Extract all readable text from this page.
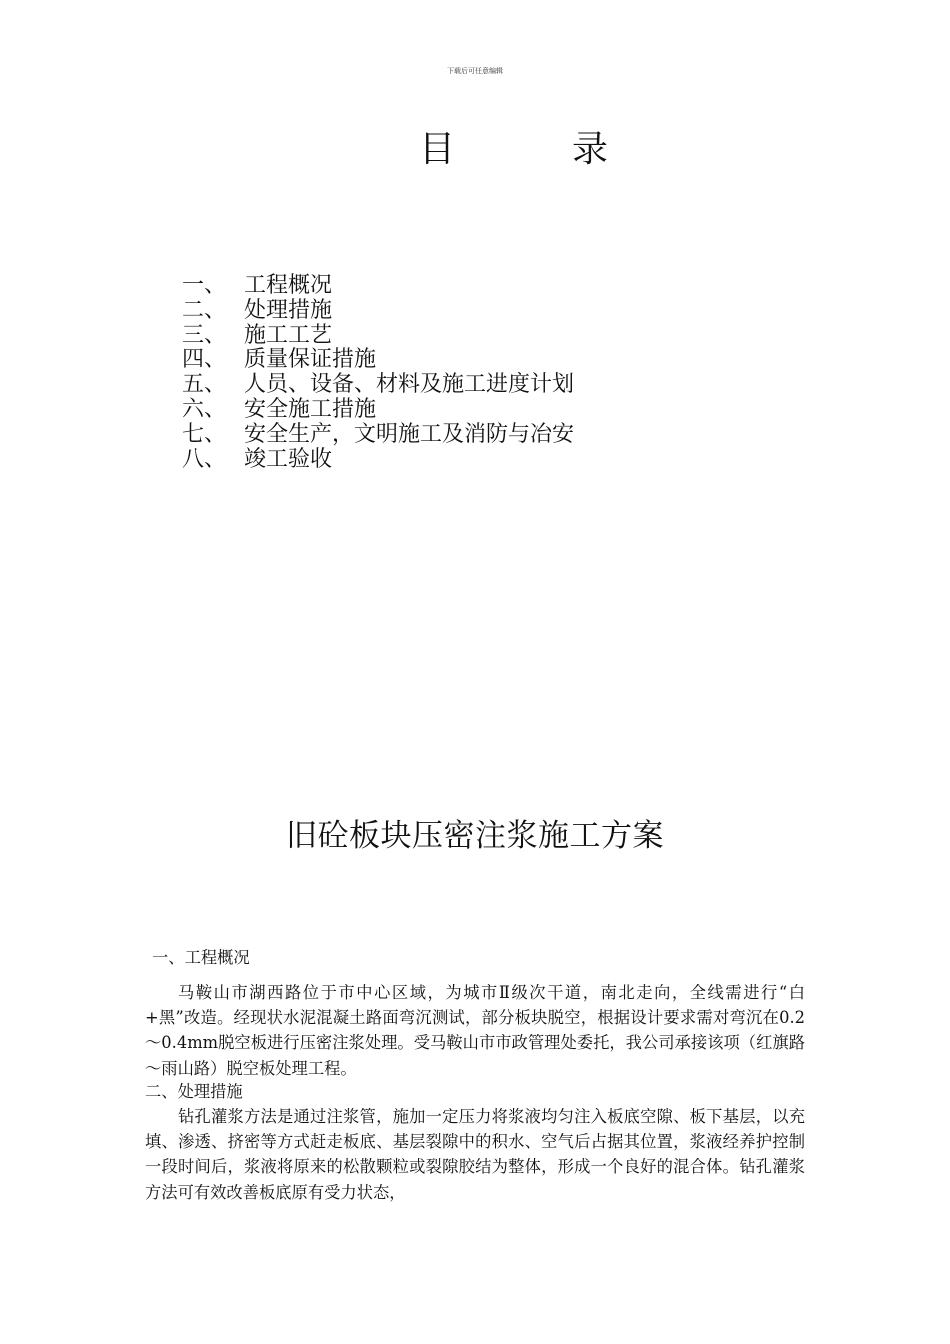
下载后可任意编辑
目	录
一、 工程概况
二、 处理措施
三、 施工工艺
四、 质量保证措施
五、 人员、设备、材料及施工进度计划
六、 安全施工措施
七、 安全生产，文明施工及消防与冶安
八、 竣工验收
旧砼板块压密注浆施工方案
一、工程概况
马鞍山市湖西路位于市中心区域，为城市Ⅱ级次干道，南北走向，全线需进行“白+黑”改造。经现状水泥混凝土路面弯沉测试，部分板块脱空，根据设计要求需对弯沉在0.2～0.4mm脱空板进行压密注浆处理。受马鞍山市市政管理处委托，我公司承接该项（红旗路～雨山路）脱空板处理工程。
二、处理措施
钻孔灌浆方法是通过注浆管，施加一定压力将浆液均匀注入板底空隙、板下基层，以充填、渗透、挤密等方式赶走板底、基层裂隙中的积水、空气后占据其位置，浆液经养护控制一段时间后，浆液将原来的松散颗粒或裂隙胶结为整体，形成一个良好的混合体。钻孔灌浆方法可有效改善板底原有受力状态，
